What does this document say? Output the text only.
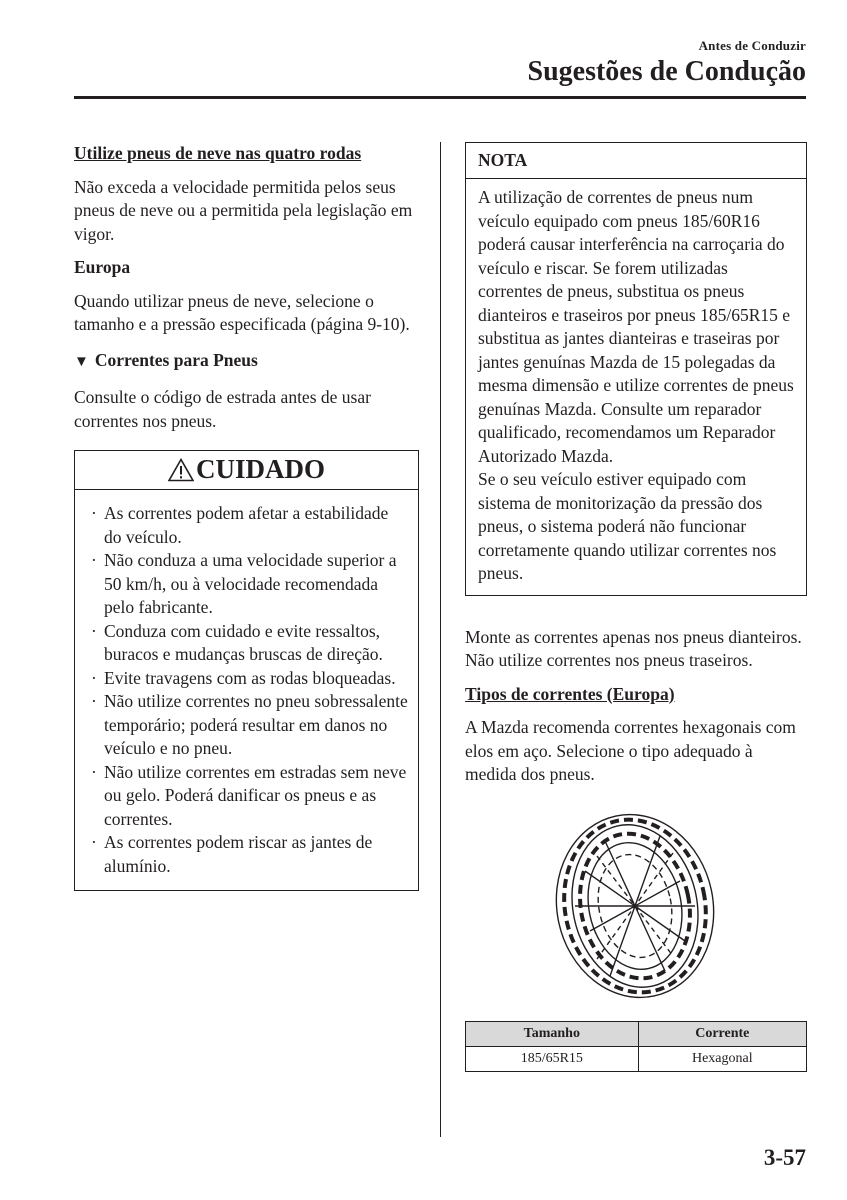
Antes de Conduzir
Sugestões de Condução
Utilize pneus de neve nas quatro rodas

Não exceda a velocidade permitida pelos seus pneus de neve ou a permitida pela legislação em vigor.

Europa

Quando utilizar pneus de neve, selecione o tamanho e a pressão especificada (página 9-10).

▼ Correntes para Pneus

Consulte o código de estrada antes de usar correntes nos pneus.

CUIDADO
· As correntes podem afetar a estabilidade do veículo.
· Não conduza a uma velocidade superior a 50 km/h, ou à velocidade recomendada pelo fabricante.
· Conduza com cuidado e evite ressaltos, buracos e mudanças bruscas de direção.
· Evite travagens com as rodas bloqueadas.
· Não utilize correntes no pneu sobressalente temporário; poderá resultar em danos no veículo e no pneu.
· Não utilize correntes em estradas sem neve ou gelo. Poderá danificar os pneus e as correntes.
· As correntes podem riscar as jantes de alumínio.
NOTA

A utilização de correntes de pneus num veículo equipado com pneus 185/60R16 poderá causar interferência na carroçaria do veículo e riscar. Se forem utilizadas correntes de pneus, substitua os pneus dianteiros e traseiros por pneus 185/65R15 e substitua as jantes dianteiras e traseiras por jantes genuínas Mazda de 15 polegadas da mesma dimensão e utilize correntes de pneus genuínas Mazda. Consulte um reparador qualificado, recomendamos um Reparador Autorizado Mazda.

Se o seu veículo estiver equipado com sistema de monitorização da pressão dos pneus, o sistema poderá não funcionar corretamente quando utilizar correntes nos pneus.

Monte as correntes apenas nos pneus dianteiros.

Não utilize correntes nos pneus traseiros.

Tipos de correntes (Europa)

A Mazda recomenda correntes hexagonais com elos em aço. Selecione o tipo adequado à medida dos pneus.

Tamanho	Corrente
185/65R15	Hexagonal
3-57
